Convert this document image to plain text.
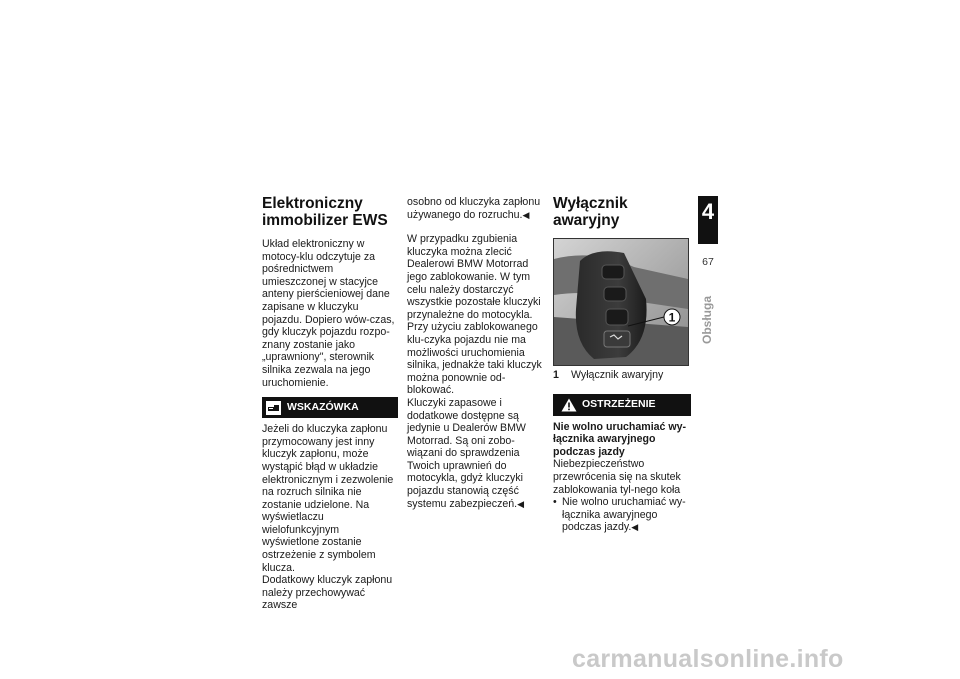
Elektroniczny immobilizer EWS

Układ elektroniczny w motocy-klu odczytuje za pośrednictwem umieszczonej w stacyjce anteny pierścieniowej dane zapisane w kluczyku pojazdu. Dopiero wów-czas, gdy kluczyk pojazdu rozpo-znany zostanie jako „uprawniony", sterownik silnika zezwala na jego uruchomienie.

WSKAZÓWKA

Jeżeli do kluczyka zapłonu przymocowany jest inny kluczyk zapłonu, może wystąpić błąd w układzie elektronicznym i zezwolenie na rozruch silnika nie zostanie udzielone. Na wyświetlaczu wielofunkcyjnym wyświetlone zostanie ostrzeżenie z symbolem klucza.

Dodatkowy kluczyk zapłonu należy przechowywać zawsze

osobno od kluczyka zapłonu używanego do rozruchu.◀

W przypadku zgubienia kluczyka można zlecić Dealerowi BMW Motorrad jego zablokowanie. W tym celu należy dostarczyć wszystkie pozostałe kluczyki przynależne do motocykla.

Przy użyciu zablokowanego klu-czyka pojazdu nie ma możliwości uruchomienia silnika, jednakże taki kluczyk można ponownie od-blokować.

Kluczyki zapasowe i dodatkowe dostępne są jedynie u Dealerów BMW Motorrad. Są oni zobo-wiązani do sprawdzenia Twoich uprawnień do motocykla, gdyż kluczyki pojazdu stanowią część systemu zabezpieczeń.◀

Wyłącznik awaryjny
1
1	Wyłącznik awaryjny
OSTRZEŻENIE

Nie wolno uruchamiać wy-łącznika awaryjnego podczas jazdy

Niebezpieczeństwo przewrócenia się na skutek zablokowania tyl-nego koła

• Nie wolno uruchamiać wy-łącznika awaryjnego podczas jazdy.◀
4
67
Obsługa
carmanualsonline.info
